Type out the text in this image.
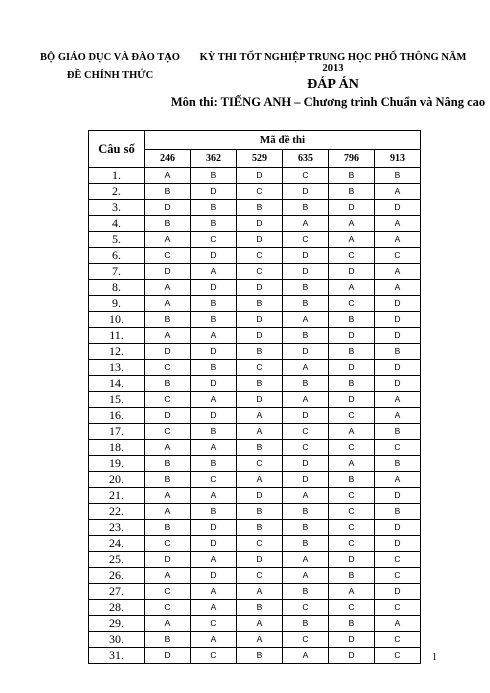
BỘ GIÁO DỤC VÀ ĐÀO TẠO
ĐỀ CHÍNH THỨC
KỲ THI TỐT NGHIỆP TRUNG HỌC PHỔ THÔNG NĂM 2013
ĐÁP ÁN
Môn thi: TIẾNG ANH – Chương trình Chuẩn và Nâng cao
Câu số	Mã đề thi					
	246	362	529	635	796	913
1.	A	B	D	C	B	B
2.	B	D	C	D	B	A
3.	D	B	B	B	D	D
4.	B	B	D	A	A	A
5.	A	C	D	C	A	A
6.	C	D	C	D	C	C
7.	D	A	C	D	D	A
8.	A	D	D	B	A	A
9.	A	B	B	B	C	D
10.	B	B	D	A	B	D
11.	A	A	D	B	D	D
12.	D	D	B	D	B	B
13.	C	B	C	A	D	D
14.	B	D	B	B	B	D
15.	C	A	D	A	D	A
16.	D	D	A	D	C	A
17.	C	B	A	C	A	B
18.	A	A	B	C	C	C
19.	B	B	C	D	A	B
20.	B	C	A	D	B	A
21.	A	A	D	A	C	D
22.	A	B	B	B	C	B
23.	B	D	B	B	C	D
24.	C	D	C	B	C	D
25.	D	A	D	A	D	C
26.	A	D	C	A	B	C
27.	C	A	A	B	A	D
28.	C	A	B	C	C	C
29.	A	C	A	B	B	A
30.	B	A	A	C	D	C
31.	D	C	B	A	D	C	1
